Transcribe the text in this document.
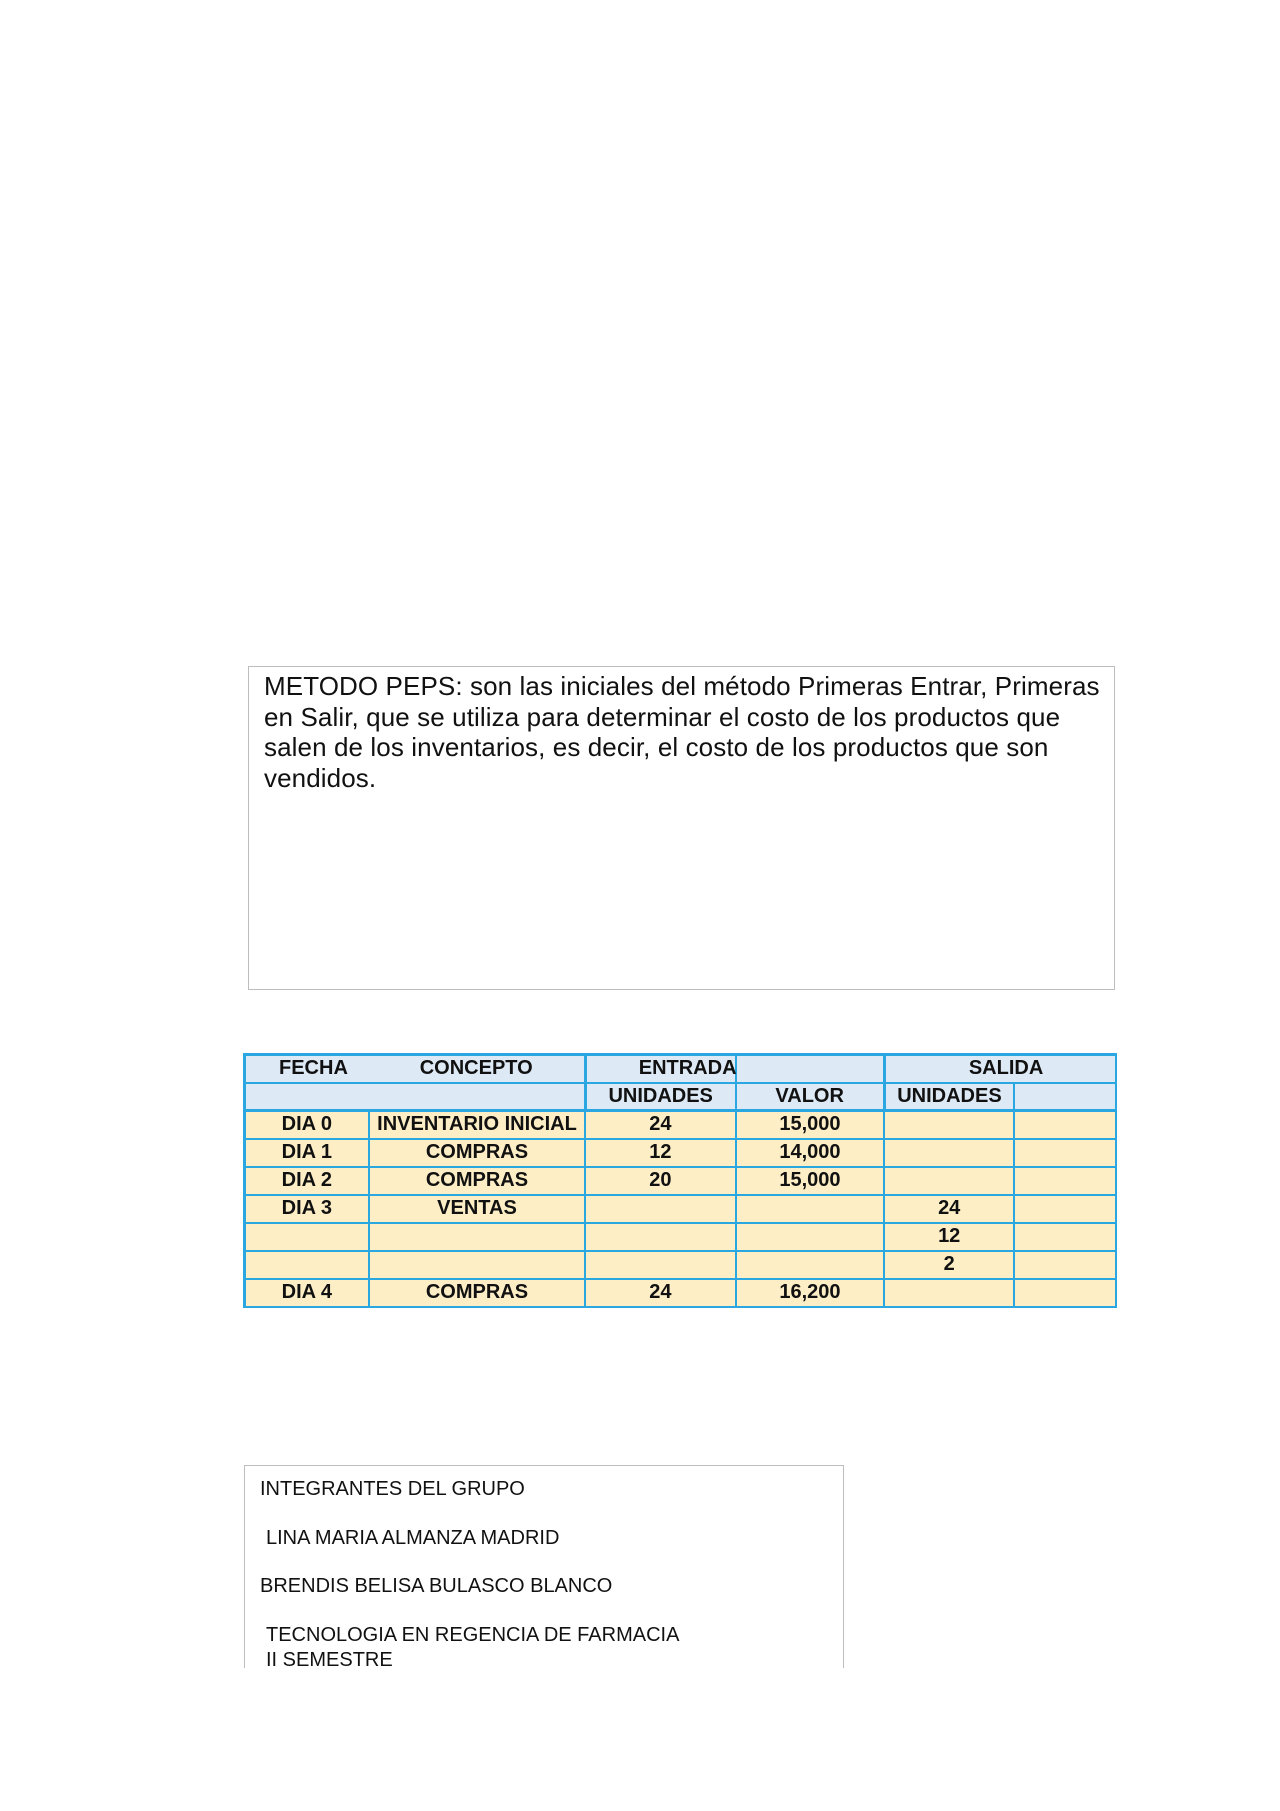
METODO PEPS: son las iniciales del método Primeras Entrar, Primeras en Salir, que se utiliza para determinar el costo de los productos que salen de los inventarios, es decir, el costo de los productos que son vendidos.
FECHA	CONCEPTO	ENTRADA		SALIDA	
		UNIDADES	VALOR	UNIDADES	
DIA 0	INVENTARIO INICIAL	24	15,000		
DIA 1	COMPRAS	12	14,000		
DIA 2	COMPRAS	20	15,000		
DIA 3	VENTAS			24	
				12	
				2	
DIA 4	COMPRAS	24	16,200		
INTEGRANTES DEL GRUPO
LINA MARIA ALMANZA MADRID
BRENDIS BELISA BULASCO BLANCO
TECNOLOGIA EN REGENCIA DE FARMACIA
II SEMESTRE
